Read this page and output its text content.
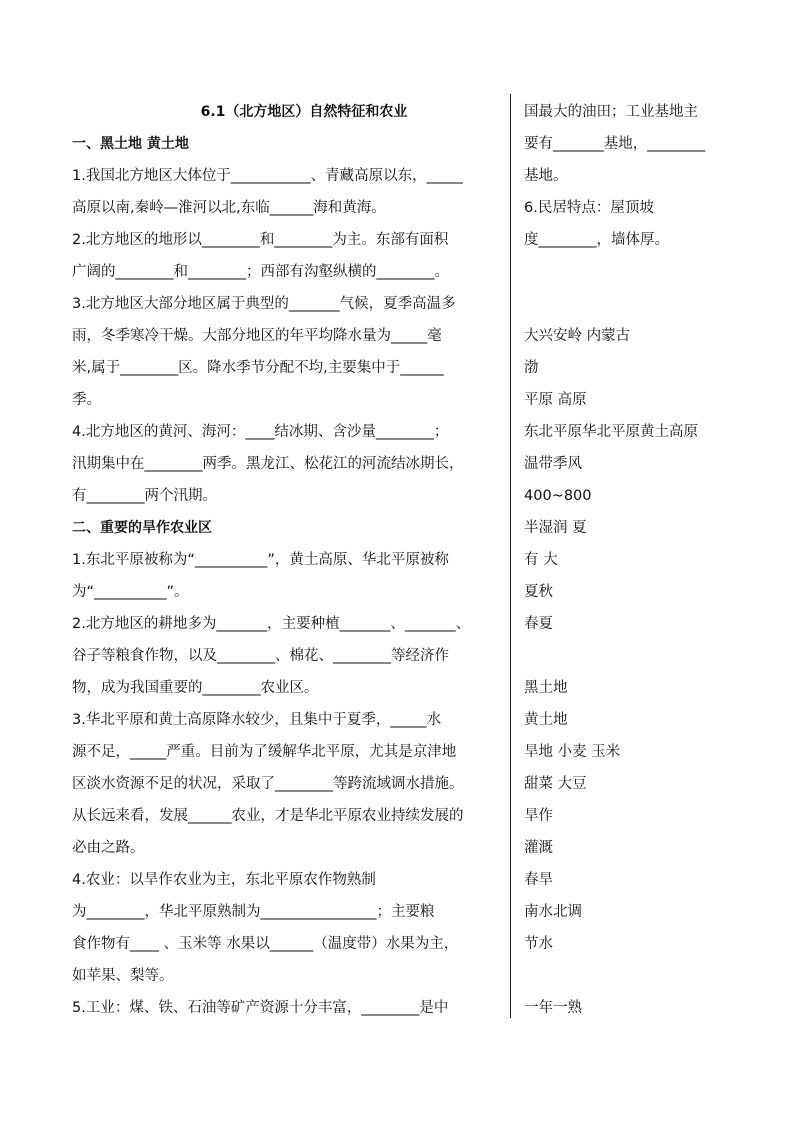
6.1（北方地区）自然特征和农业
一、黑土地 黄土地
1.我国北方地区大体位于___________、青藏高原以东，_____
高原以南,秦岭—淮河以北,东临______海和黄海。
2.北方地区的地形以________和________为主。东部有面积
广阔的________和________；西部有沟壑纵横的________。
3.北方地区大部分地区属于典型的_______气候，夏季高温多
雨，冬季寒冷干燥。大部分地区的年平均降水量为_____毫
米,属于________区。降水季节分配不均,主要集中于______
季。
4.北方地区的黄河、海河：____结冰期、含沙量________；
汛期集中在________两季。黑龙江、松花江的河流结冰期长，
有________两个汛期。
二、重要的旱作农业区
1.东北平原被称为“__________”，黄土高原、华北平原被称
为“__________”。
2.北方地区的耕地多为_______，主要种植_______、_______、
谷子等粮食作物，以及________、棉花、________等经济作
物，成为我国重要的________农业区。
3.华北平原和黄土高原降水较少，且集中于夏季，_____水
源不足，_____严重。目前为了缓解华北平原，尤其是京津地
区淡水资源不足的状况，采取了________等跨流域调水措施。
从长远来看，发展______农业，才是华北平原农业持续发展的
必由之路。
4.农业：以旱作农业为主，东北平原农作物熟制
为________，华北平原熟制为________________；主要粮
食作物有____ 、玉米等 水果以______（温度带）水果为主，
如苹果、梨等。
5.工业：煤、铁、石油等矿产资源十分丰富，________是中
国最大的油田；工业基地主
要有_______基地，________
基地。
6.民居特点：屋顶坡
度________，墙体厚。
大兴安岭 内蒙古
渤
平原 高原
东北平原华北平原黄土高原
温带季风
400~800
半湿润 夏
有 大
夏秋
春夏
黑土地
黄土地
旱地 小麦 玉米
甜菜 大豆
旱作
灌溉
春旱
南水北调
节水
一年一熟
